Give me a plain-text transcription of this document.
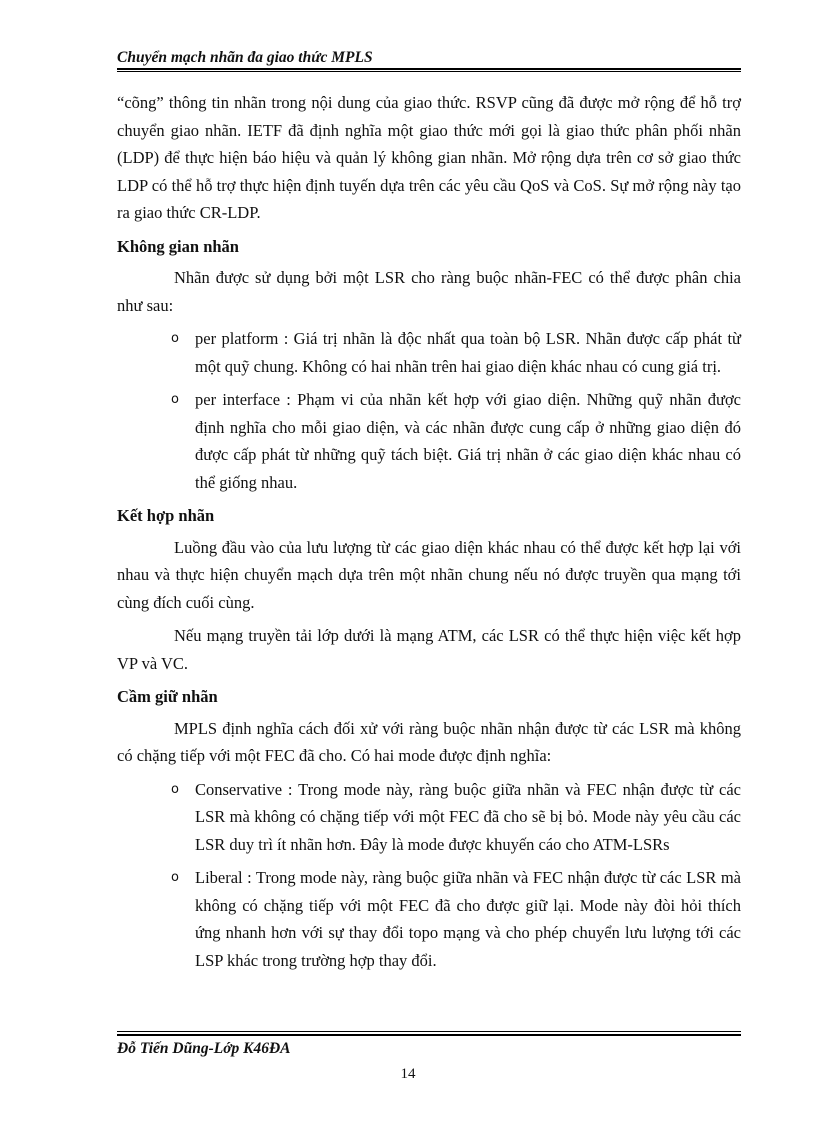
Chuyển mạch nhãn đa giao thức MPLS

“cõng” thông tin nhãn trong nội dung của giao thức. RSVP cũng đã được mở rộng để hỗ trợ chuyển giao nhãn. IETF đã định nghĩa một giao thức mới gọi là giao thức phân phối nhãn (LDP) để thực hiện báo hiệu và quản lý không gian nhãn. Mở rộng dựa trên cơ sở giao thức LDP có thể hỗ trợ thực hiện định tuyến dựa trên các yêu cầu QoS và CoS. Sự mở rộng này tạo ra giao thức CR-LDP.

Không gian nhãn

Nhãn được sử dụng bởi một LSR cho ràng buộc nhãn-FEC có thể được phân chia như sau:

o per platform : Giá trị nhãn là độc nhất qua toàn bộ LSR. Nhãn được cấp phát từ một quỹ chung. Không có hai nhãn trên hai giao diện khác nhau có cung giá trị.
o per interface : Phạm vi của nhãn kết hợp với giao diện. Những quỹ nhãn được định nghĩa cho mỗi giao diện, và các nhãn được cung cấp ở những giao diện đó được cấp phát từ những quỹ tách biệt. Giá trị nhãn ở các giao diện khác nhau có thể giống nhau.

Kết hợp nhãn

Luồng đầu vào của lưu lượng từ các giao diện khác nhau có thể được kết hợp lại với nhau và thực hiện chuyển mạch dựa trên một nhãn chung nếu nó được truyền qua mạng tới cùng đích cuối cùng.

Nếu mạng truyền tải lớp dưới là mạng ATM, các LSR có thể thực hiện việc kết hợp VP và VC.

Cầm giữ nhãn

MPLS định nghĩa cách đối xử với ràng buộc nhãn nhận được từ các LSR mà không có chặng tiếp với một FEC đã cho. Có hai mode được định nghĩa:

o Conservative : Trong mode này, ràng buộc giữa nhãn và FEC nhận được từ các LSR mà không có chặng tiếp với một FEC đã cho sẽ bị bỏ. Mode này yêu cầu các LSR duy trì ít nhãn hơn. Đây là mode được khuyến cáo cho ATM-LSRs
o Liberal : Trong mode này, ràng buộc giữa nhãn và FEC nhận được từ các LSR mà không có chặng tiếp với một FEC đã cho được giữ lại. Mode này đòi hỏi thích ứng nhanh hơn với sự thay đổi topo mạng và cho phép chuyển lưu lượng tới các LSP khác trong trường hợp thay đổi.
Đỗ Tiến Dũng-Lớp K46ĐA
14
